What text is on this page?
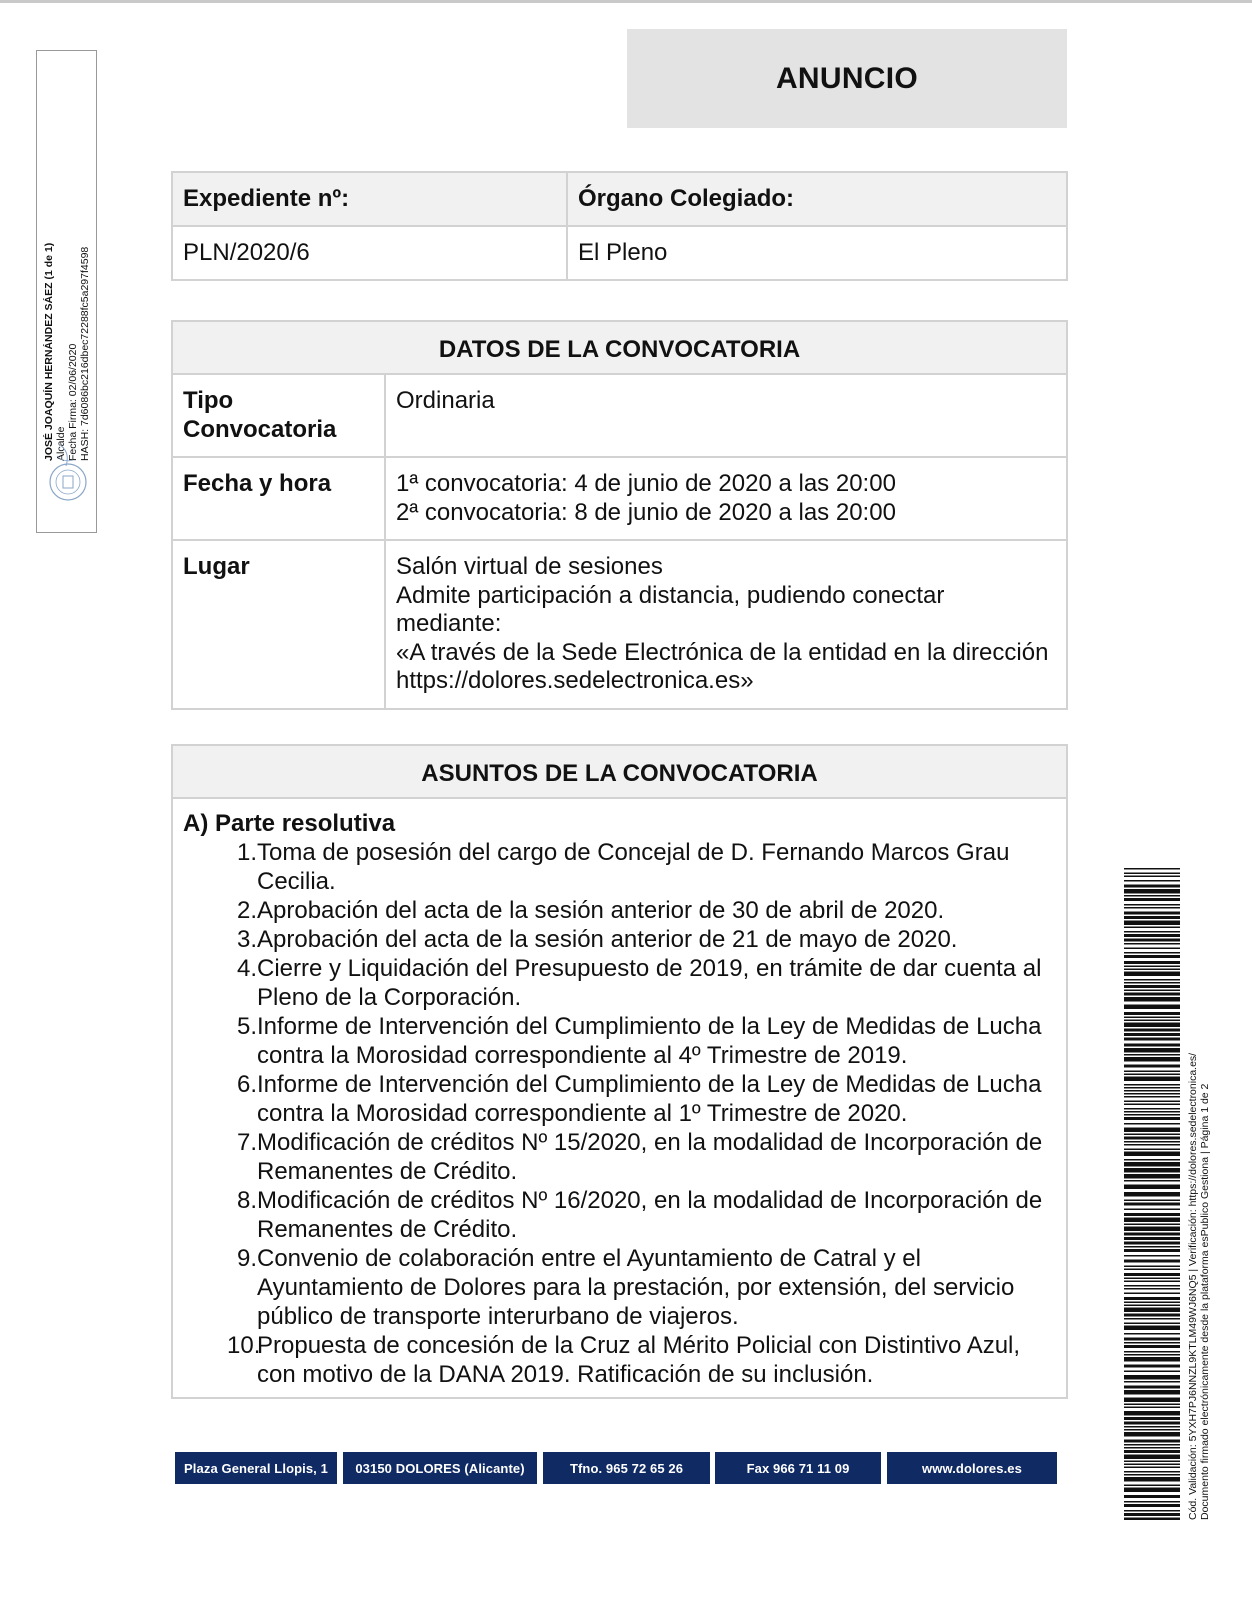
JOSÉ JOAQUÍN HERNÁNDEZ SÁEZ (1 de 1) Alcalde Fecha Firma: 02/06/2020 HASH: 7d6086bc216dbec72288fc5a297f4598
ANUNCIO
Expediente nº:	Órgano Colegiado:
PLN/2020/6	El Pleno
DATOS DE LA CONVOCATORIA	
Tipo Convocatoria	Ordinaria

Fecha y hora	1ª convocatoria: 4 de junio de 2020 a las 20:00
2ª convocatoria: 8 de junio de 2020 a las 20:00

Lugar	Salón virtual de sesiones
Admite participación a distancia, pudiendo conectar mediante:
«A través de la Sede Electrónica de la entidad en la dirección https://dolores.sedelectronica.es»
ASUNTOS DE LA CONVOCATORIA

A) Parte resolutiva
1. Toma de posesión del cargo de Concejal de D. Fernando Marcos Grau Cecilia.
2. Aprobación del acta de la sesión anterior de 30 de abril de 2020.
3. Aprobación del acta de la sesión anterior de 21 de mayo de 2020.
4. Cierre y Liquidación del Presupuesto de 2019, en trámite de dar cuenta al Pleno de la Corporación.
5. Informe de Intervención del Cumplimiento de la Ley de Medidas de Lucha contra la Morosidad correspondiente al 4º Trimestre de 2019.
6. Informe de Intervención del Cumplimiento de la Ley de Medidas de Lucha contra la Morosidad correspondiente al 1º Trimestre de 2020.
7. Modificación de créditos Nº 15/2020, en la modalidad de Incorporación de Remanentes de Crédito.
8. Modificación de créditos Nº 16/2020, en la modalidad de Incorporación de Remanentes de Crédito.
9. Convenio de colaboración entre el Ayuntamiento de Catral y el Ayuntamiento de Dolores para la prestación, por extensión, del servicio público de transporte interurbano de viajeros.
10.
Propuesta de concesión de la Cruz al Mérito Policial con Distintivo Azul, con motivo de la DANA 2019. Ratificación de su inclusión.
Plaza General Llopis, 1	03150 DOLORES (Alicante)	Tfno. 965 72 65 26	Fax 966 71 11 09	www.dolores.es	Cód. Validación: 5YXH7PJ6NNZL9KTLM49WJ6NQ5 | Verificación: https://dolores.sedelectronica.es/ Documento firmado electrónicamente desde la plataforma esPublico Gestiona | Página 1 de 2
